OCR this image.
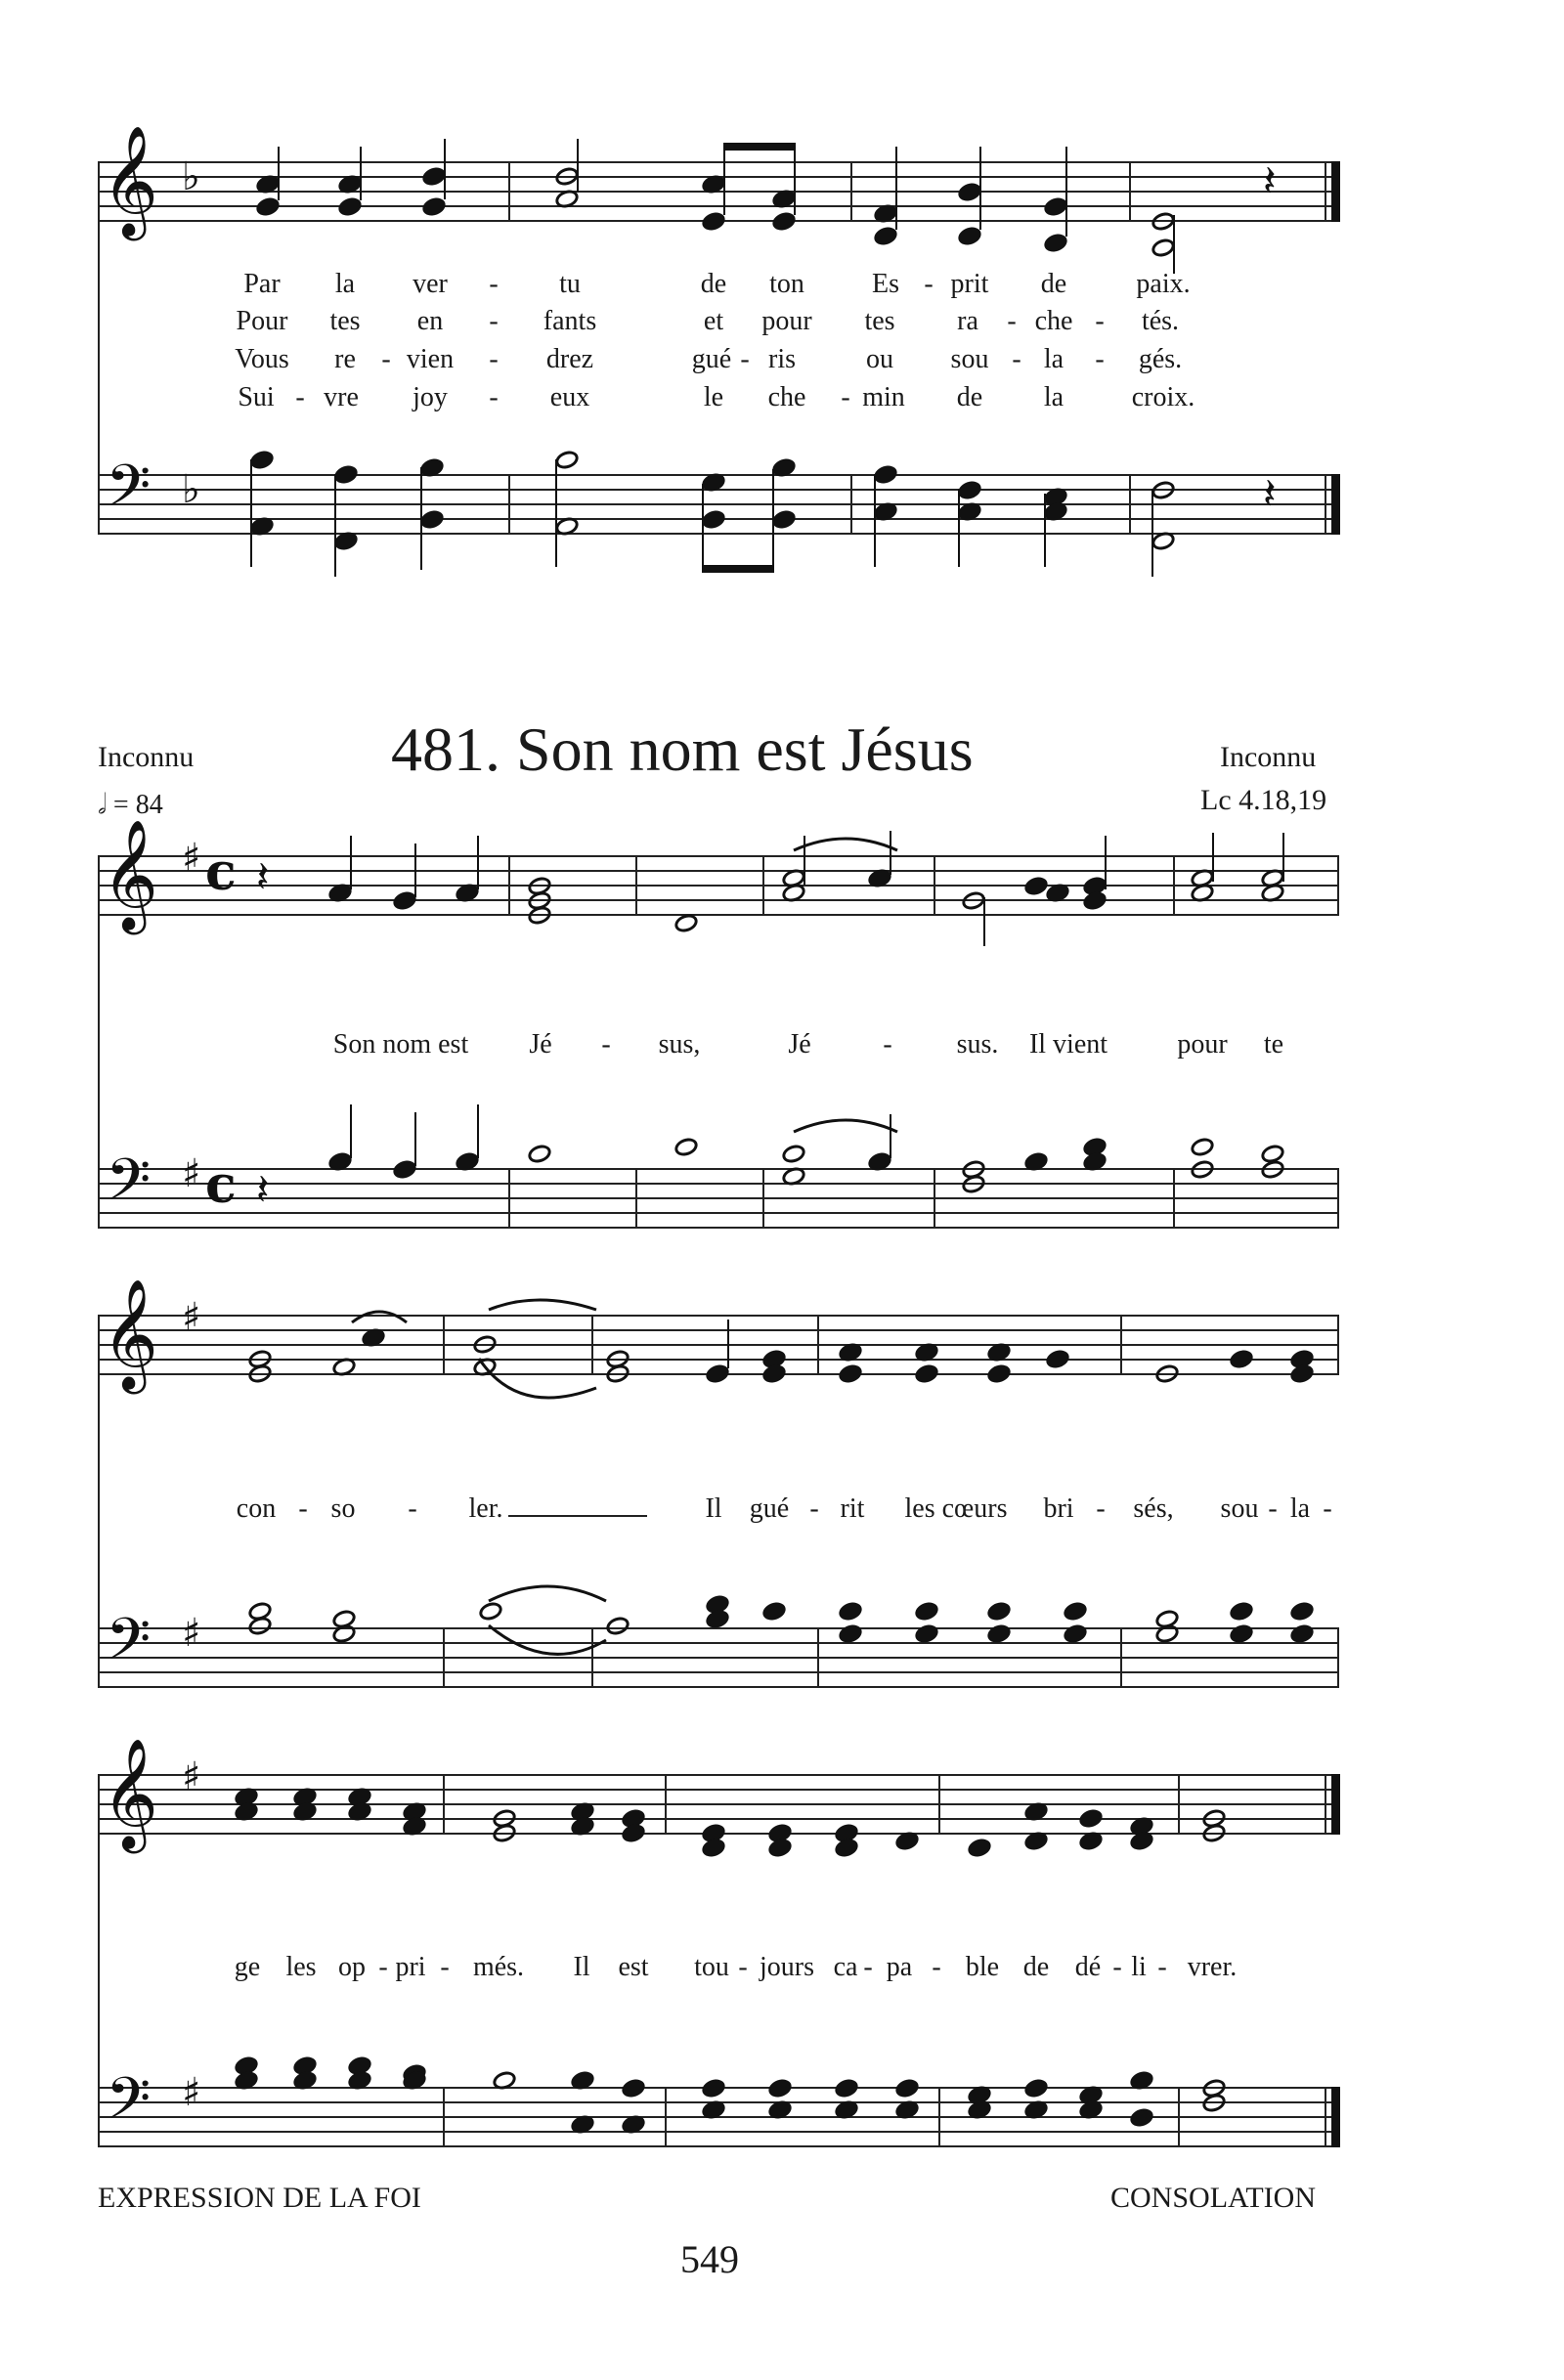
𝄞 ♭
𝄢 ♭
𝄽
𝄽
Par la ver - tu	de ton Es - prit de	paix.
Pour tes en - fants	et pour tes ra - che - tés.
Vous re - vien - drez	gué - ris	ou sou - la - gés.
Sui - vre joy - eux	le che - min de la croix.
Inconnu	481. Son nom est Jésus	Inconnu
𝅗𝅥 = 84	Lc 4.18,19
𝄞 ♯ c
𝄢 ♯ c
𝄽
𝄽
Son nom est Jé - sus,	Jé	- sus. Il vient	pour te
𝄞 ♯
𝄢 ♯
con - so - ler.	Il gué - rit les cœurs bri - sés, sou - la -
𝄞 ♯
𝄢 ♯
ge les op - pri - més. Il est tou - jours ca - pa - ble de dé - li - vrer.
EXPRESSION DE LA FOI	CONSOLATION
549
